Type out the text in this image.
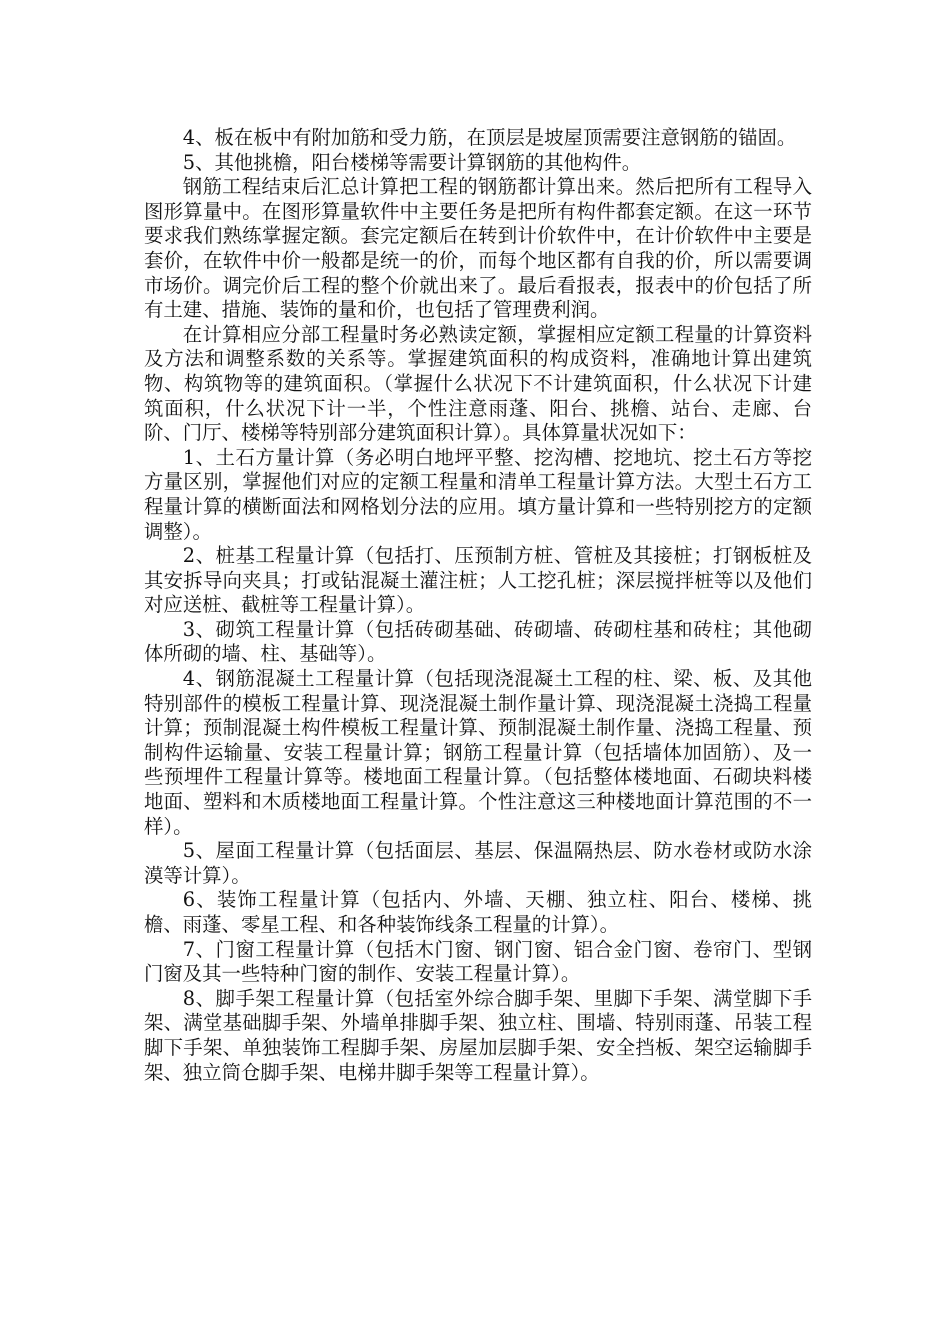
4、板在板中有附加筋和受力筋，在顶层是坡屋顶需要注意钢筋的锚固。

5、其他挑檐，阳台楼梯等需要计算钢筋的其他构件。

钢筋工程结束后汇总计算把工程的钢筋都计算出来。然后把所有工程导入图形算量中。在图形算量软件中主要任务是把所有构件都套定额。在这一环节要求我们熟练掌握定额。套完定额后在转到计价软件中，在计价软件中主要是套价，在软件中价一般都是统一的价，而每个地区都有自我的价，所以需要调市场价。调完价后工程的整个价就出来了。最后看报表，报表中的价包括了所有土建、措施、装饰的量和价，也包括了管理费利润。

在计算相应分部工程量时务必熟读定额，掌握相应定额工程量的计算资料及方法和调整系数的关系等。掌握建筑面积的构成资料，准确地计算出建筑物、构筑物等的建筑面积。（掌握什么状况下不计建筑面积，什么状况下计建筑面积，什么状况下计一半，个性注意雨蓬、阳台、挑檐、站台、走廊、台阶、门厅、楼梯等特别部分建筑面积计算）。具体算量状况如下：

1、土石方量计算（务必明白地坪平整、挖沟槽、挖地坑、挖土石方等挖方量区别，掌握他们对应的定额工程量和清单工程量计算方法。大型土石方工程量计算的横断面法和网格划分法的应用。填方量计算和一些特别挖方的定额调整）。

2、桩基工程量计算（包括打、压预制方桩、管桩及其接桩；打钢板桩及其安拆导向夹具；打或钻混凝土灌注桩；人工挖孔桩；深层搅拌桩等以及他们对应送桩、截桩等工程量计算）。

3、砌筑工程量计算（包括砖砌基础、砖砌墙、砖砌柱基和砖柱；其他砌体所砌的墙、柱、基础等）。

4、钢筋混凝土工程量计算（包括现浇混凝土工程的柱、梁、板、及其他特别部件的模板工程量计算、现浇混凝土制作量计算、现浇混凝土浇捣工程量计算；预制混凝土构件模板工程量计算、预制混凝土制作量、浇捣工程量、预制构件运输量、安装工程量计算；钢筋工程量计算（包括墙体加固筋）、及一些预埋件工程量计算等。楼地面工程量计算。（包括整体楼地面、石砌块料楼地面、塑料和木质楼地面工程量计算。个性注意这三种楼地面计算范围的不一样）。

5、屋面工程量计算（包括面层、基层、保温隔热层、防水卷材或防水涂漠等计算）。

6、装饰工程量计算（包括内、外墙、天棚、独立柱、阳台、楼梯、挑檐、雨蓬、零星工程、和各种装饰线条工程量的计算）。

7、门窗工程量计算（包括木门窗、钢门窗、铝合金门窗、卷帘门、型钢门窗及其一些特种门窗的制作、安装工程量计算）。

8、脚手架工程量计算（包括室外综合脚手架、里脚下手架、满堂脚下手架、满堂基础脚手架、外墙单排脚手架、独立柱、围墙、特别雨蓬、吊装工程脚下手架、单独装饰工程脚手架、房屋加层脚手架、安全挡板、架空运输脚手架、独立筒仓脚手架、电梯井脚手架等工程量计算）。
